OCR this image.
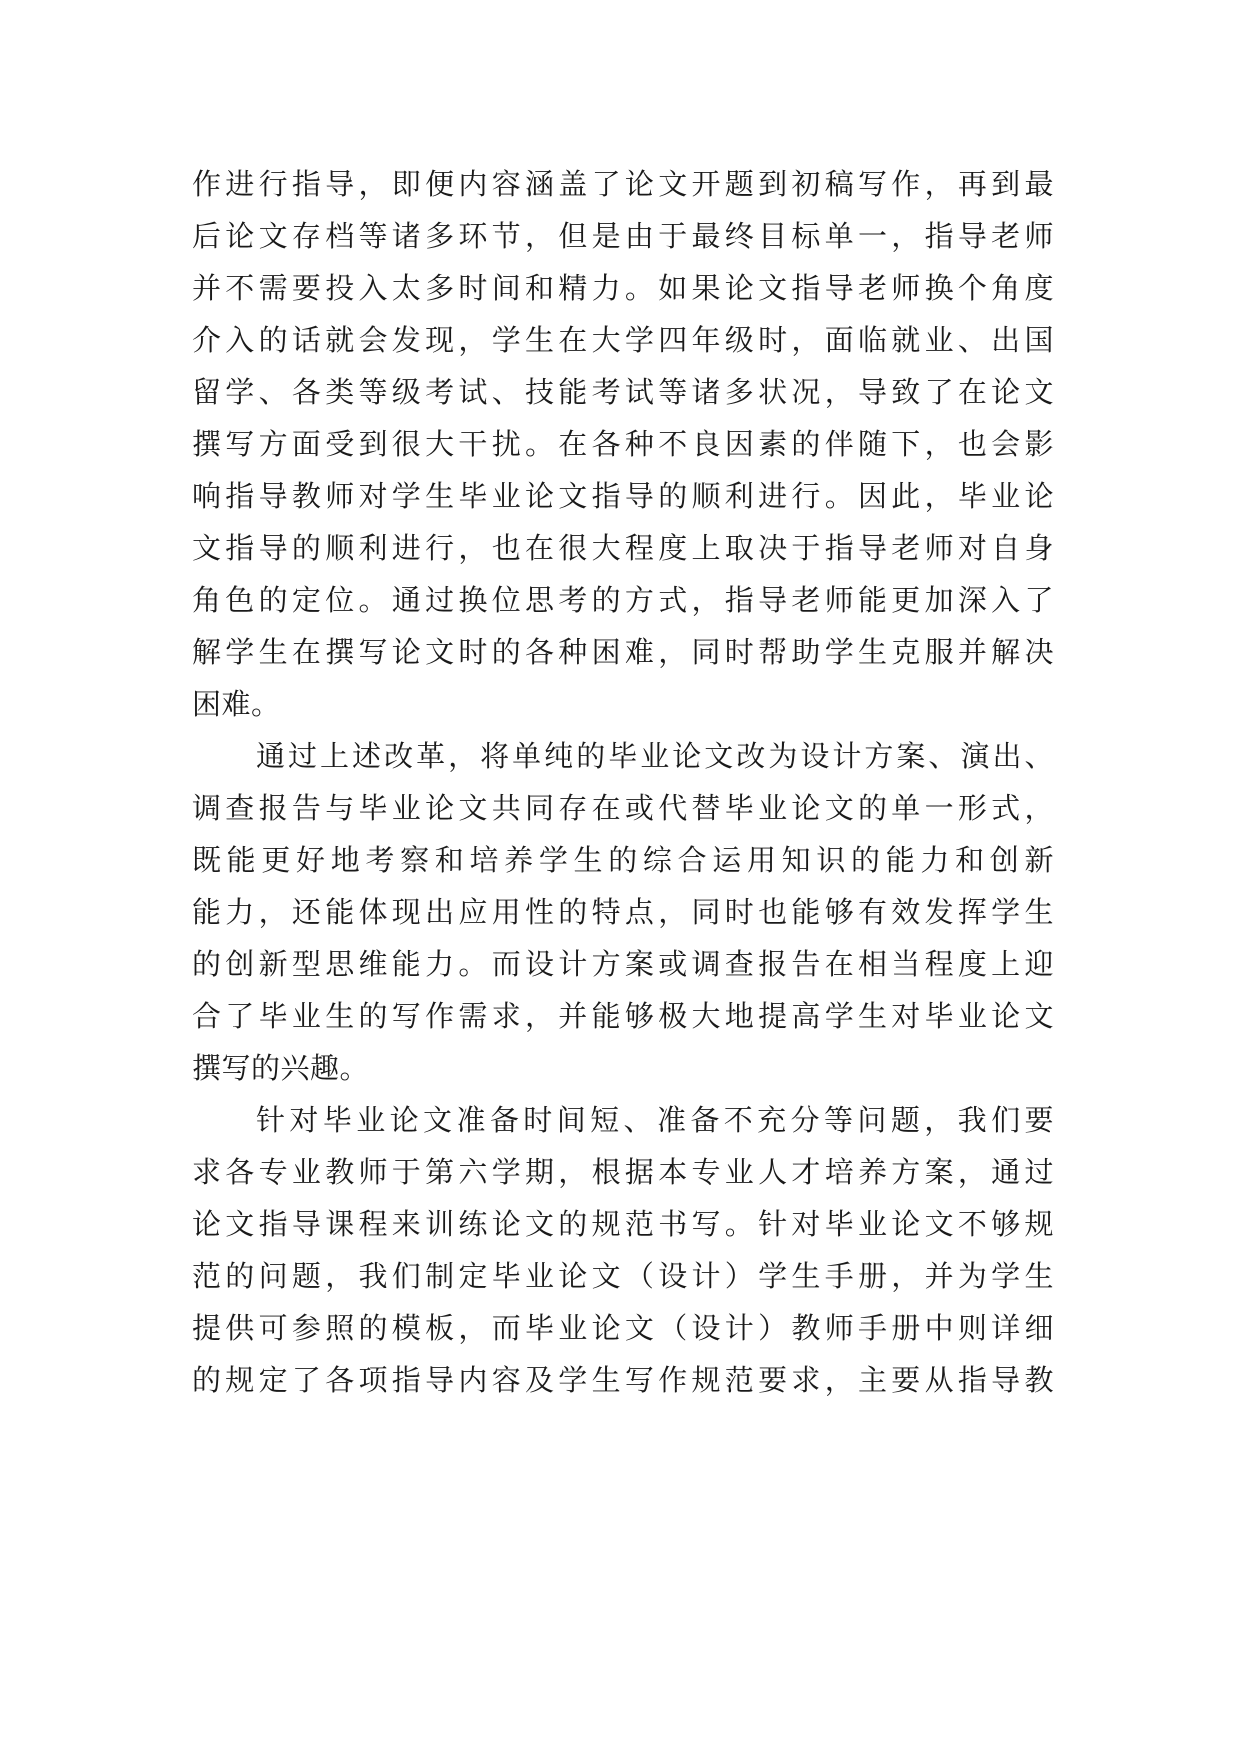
作进行指导，即便内容涵盖了论文开题到初稿写作，再到最
后论文存档等诸多环节，但是由于最终目标单一，指导老师
并不需要投入太多时间和精力。如果论文指导老师换个角度
介入的话就会发现，学生在大学四年级时，面临就业、出国
留学、各类等级考试、技能考试等诸多状况，导致了在论文
撰写方面受到很大干扰。在各种不良因素的伴随下，也会影
响指导教师对学生毕业论文指导的顺利进行。因此，毕业论
文指导的顺利进行，也在很大程度上取决于指导老师对自身
角色的定位。通过换位思考的方式，指导老师能更加深入了
解学生在撰写论文时的各种困难，同时帮助学生克服并解决
困难。
通过上述改革，将单纯的毕业论文改为设计方案、演出、
调查报告与毕业论文共同存在或代替毕业论文的单一形式，
既能更好地考察和培养学生的综合运用知识的能力和创新
能力，还能体现出应用性的特点，同时也能够有效发挥学生
的创新型思维能力。而设计方案或调查报告在相当程度上迎
合了毕业生的写作需求，并能够极大地提高学生对毕业论文
撰写的兴趣。
针对毕业论文准备时间短、准备不充分等问题，我们要
求各专业教师于第六学期，根据本专业人才培养方案，通过
论文指导课程来训练论文的规范书写。针对毕业论文不够规
范的问题，我们制定毕业论文（设计）学生手册，并为学生
提供可参照的模板，而毕业论文（设计）教师手册中则详细
的规定了各项指导内容及学生写作规范要求，主要从指导教
